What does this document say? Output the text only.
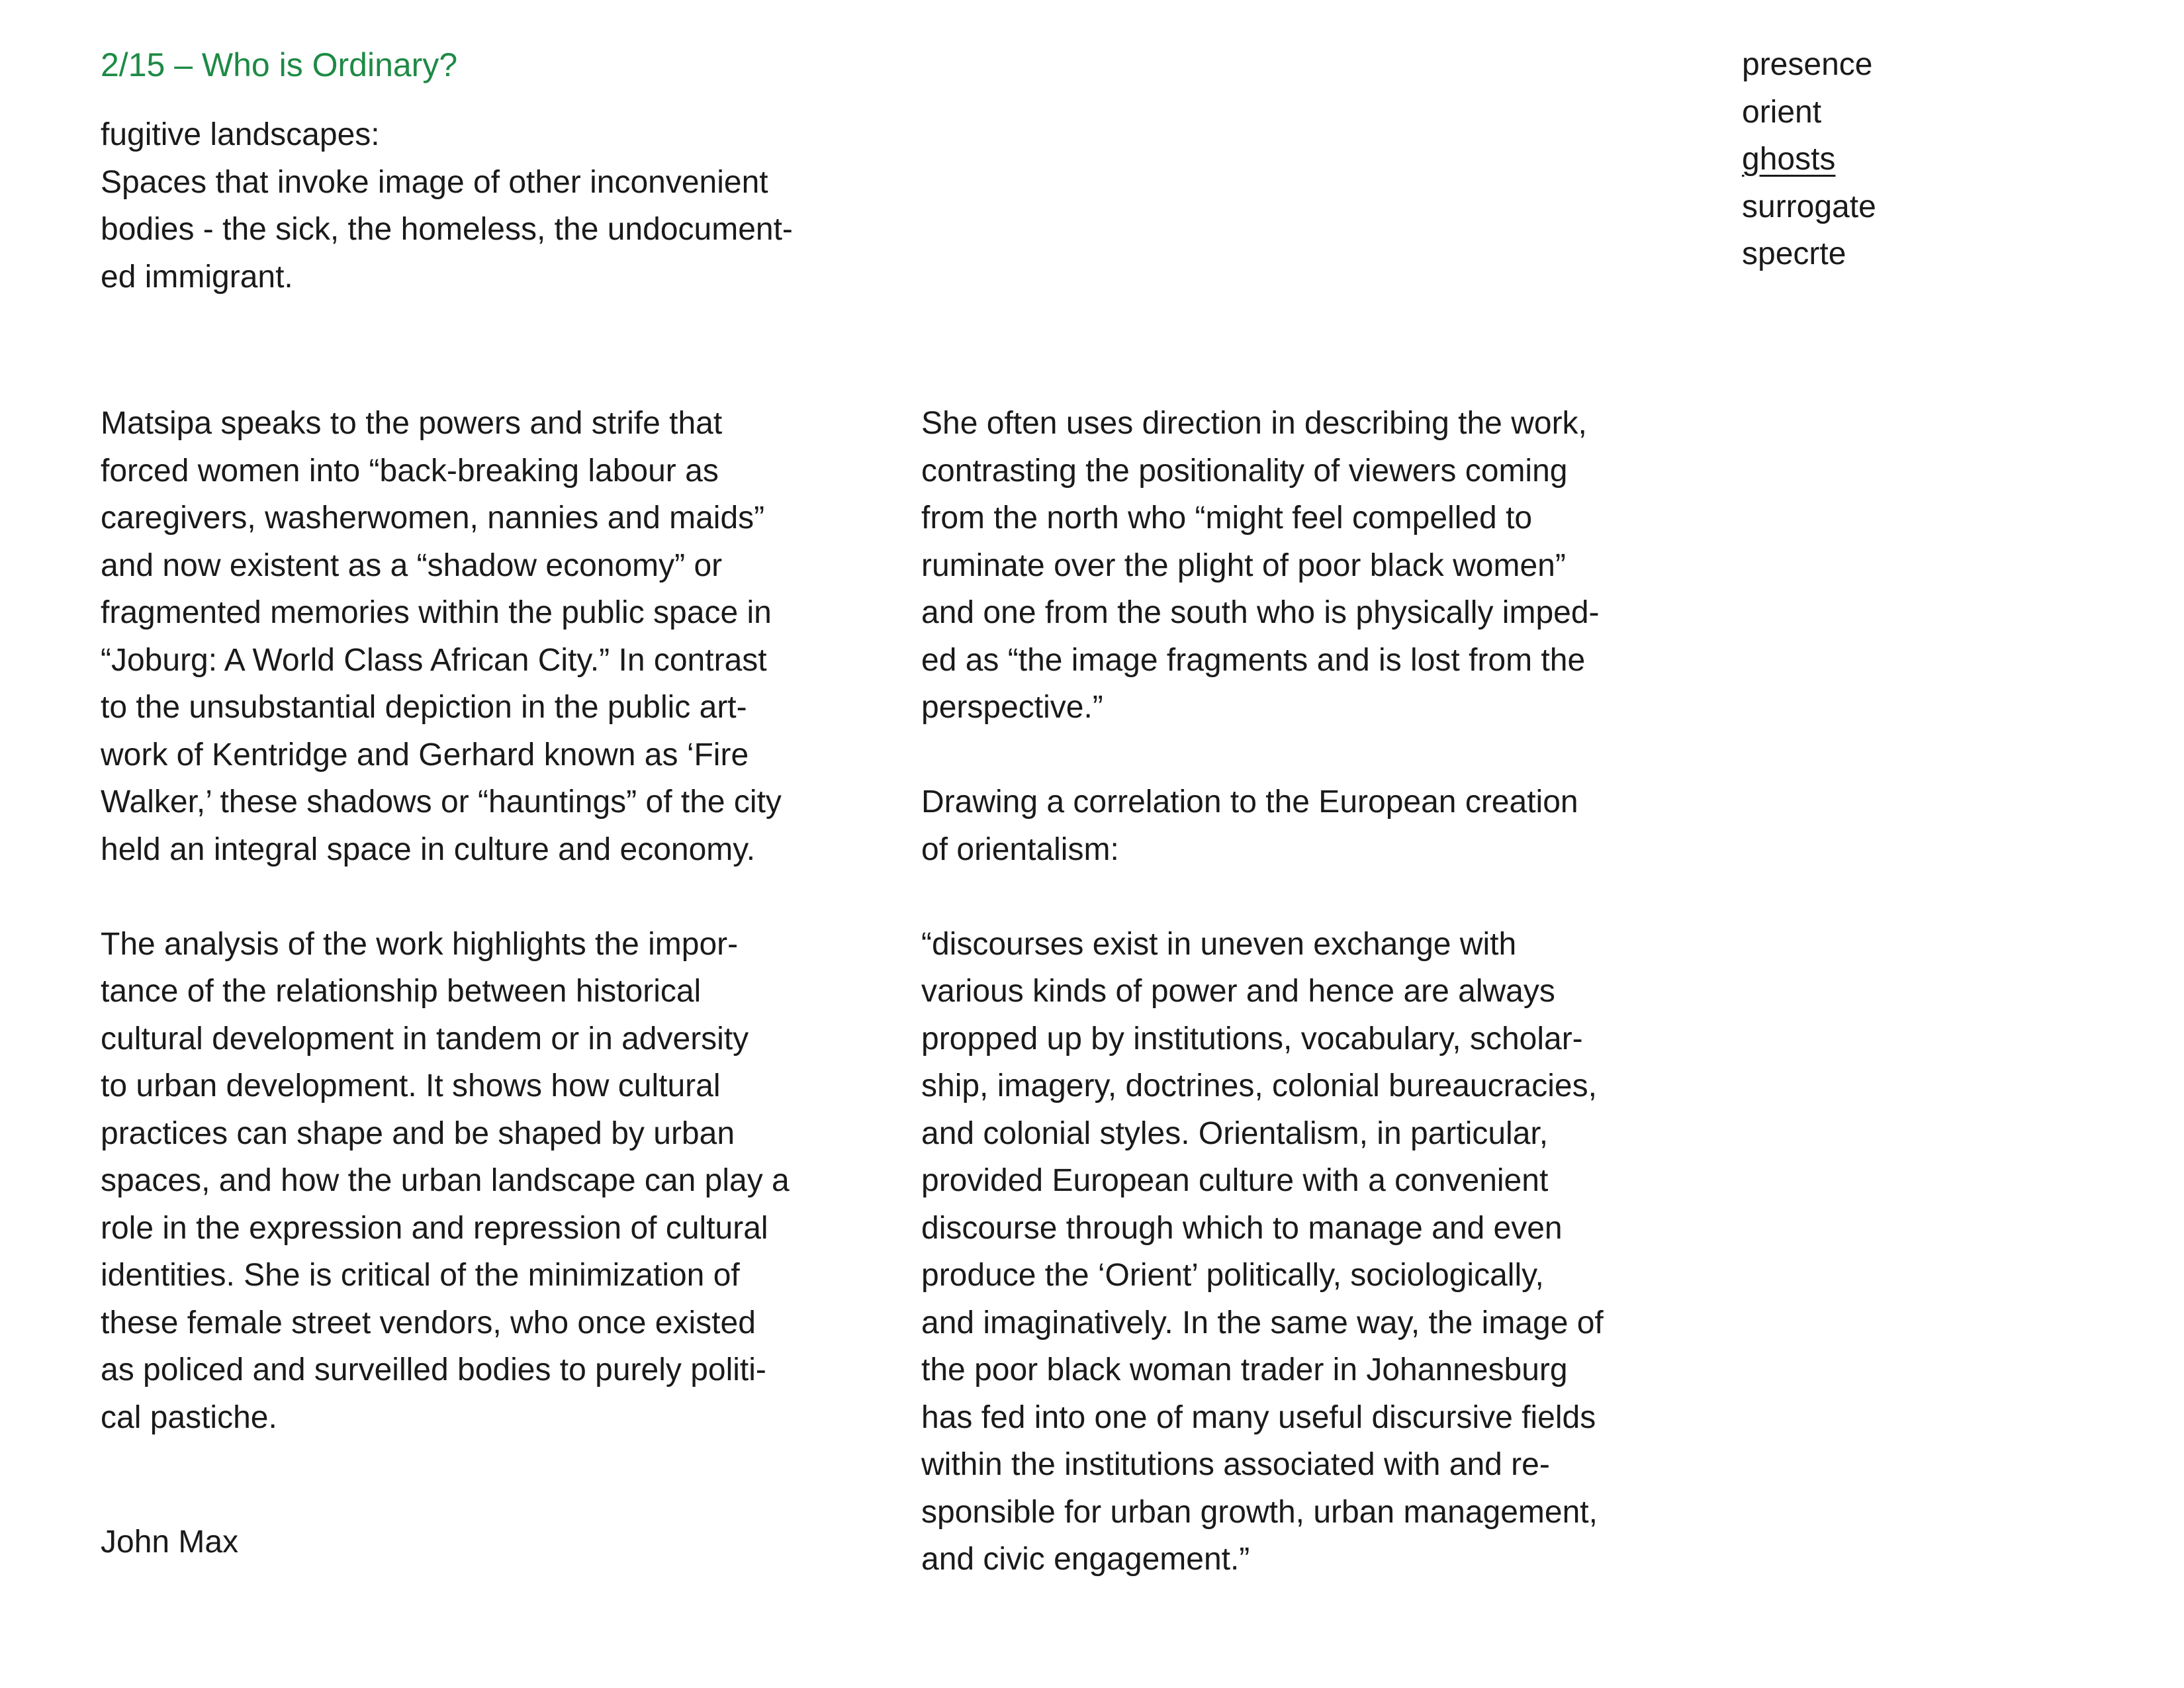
2/15 – Who is Ordinary?
fugitive landscapes:
Spaces that invoke image of other inconvenient
bodies - the sick, the homeless, the undocument-
ed immigrant.
presence
orient
ghosts
surrogate
specrte

Matsipa speaks to the powers and strife that
forced women into “back-breaking labour as
caregivers, washerwomen, nannies and maids”
and now existent as a “shadow economy” or
fragmented memories within the public space in
“Joburg: A World Class African City.” In contrast
to the unsubstantial depiction in the public art-
work of Kentridge and Gerhard known as ‘Fire
Walker,’ these shadows or “hauntings” of the city
held an integral space in culture and economy.

The analysis of the work highlights the impor-
tance of the relationship between historical
cultural development in tandem or in adversity
to urban development. It shows how cultural
practices can shape and be shaped by urban
spaces, and how the urban landscape can play a
role in the expression and repression of cultural
identities. She is critical of the minimization of
these female street vendors, who once existed
as policed and surveilled bodies to purely politi-
cal pastiche.

John Max

She often uses direction in describing the work,
contrasting the positionality of viewers coming
from the north who “might feel compelled to
ruminate over the plight of poor black women”
and one from the south who is physically imped-
ed as “the image fragments and is lost from the
perspective.”

Drawing a correlation to the European creation
of orientalism:

“discourses exist in uneven exchange with
various kinds of power and hence are always
propped up by institutions, vocabulary, scholar-
ship, imagery, doctrines, colonial bureaucracies,
and colonial styles. Orientalism, in particular,
provided European culture with a convenient
discourse through which to manage and even
produce the ‘Orient’ politically, sociologically,
and imaginatively. In the same way, the image of
the poor black woman trader in Johannesburg
has fed into one of many useful discursive fields
within the institutions associated with and re-
sponsible for urban growth, urban management,
and civic engagement.”
